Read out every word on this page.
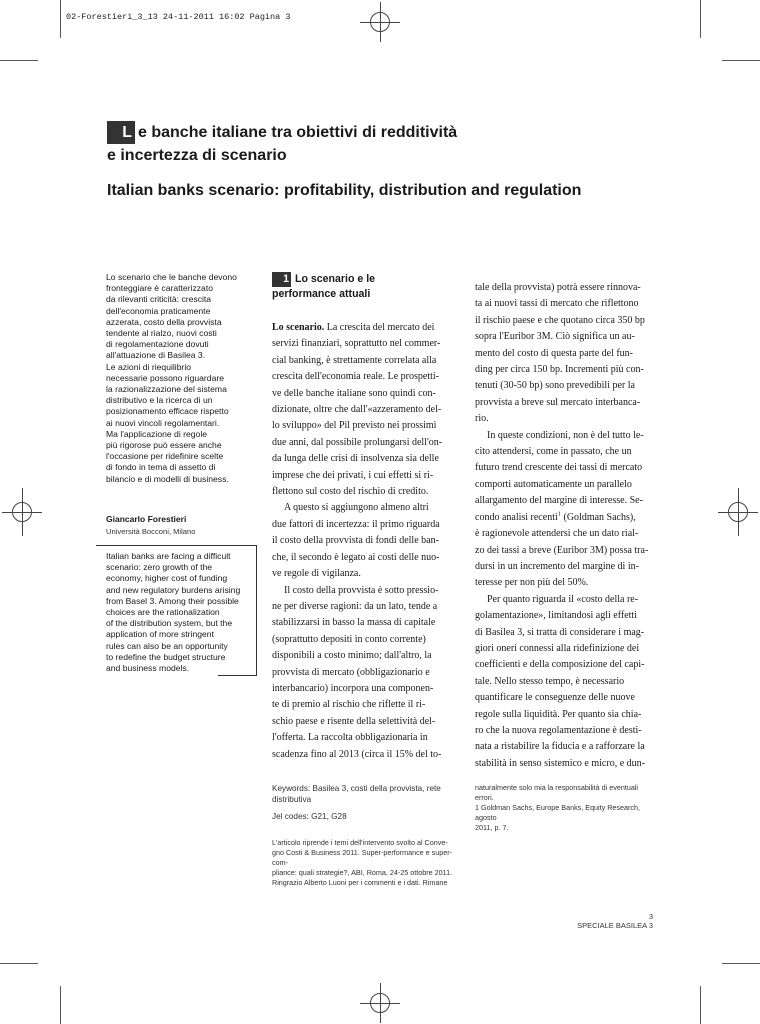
02-Forestieri_3_13 24-11-2011 16:02 Pagina 3
L e banche italiane tra obiettivi di redditività
e incertezza di scenario
Italian banks scenario: profitability, distribution and regulation
Lo scenario che le banche devono
fronteggiare è caratterizzato
da rilevanti criticità: crescita
dell'economia praticamente
azzerata, costo della provvista
tendente al rialzo, nuovi costi
di regolamentazione dovuti
all'attuazione di Basilea 3.
Le azioni di riequilibrio
necessarie possono riguardare
la razionalizzazione del sistema
distributivo e la ricerca di un
posizionamento efficace rispetto
ai nuovi vincoli regolamentari.
Ma l'applicazione di regole
più rigorose può essere anche
l'occasione per ridefinire scelte
di fondo in tema di assetto di
bilancio e di modelli di business.
Giancarlo Forestieri
Università Bocconi, Milano
Italian banks are facing a difficult
scenario: zero growth of the
economy, higher cost of funding
and new regulatory burdens arising
from Basel 3. Among their possible
choices are the rationalization
of the distribution system, but the
application of more stringent
rules can also be an opportunity
to redefine the budget structure
and business models.
1 Lo scenario e le
performance attuali

Lo scenario. La crescita del mercato dei
servizi finanziari, soprattutto nel commer-
cial banking, è strettamente correlata alla
crescita dell'economia reale. Le prospetti-
ve delle banche italiane sono quindi con-
dizionate, oltre che dall'«azzeramento del-
lo sviluppo» del Pil previsto nei prossimi
due anni, dal possibile prolungarsi dell'on-
da lunga delle crisi di insolvenza sia delle
imprese che dei privati, i cui effetti si ri-
flettono sul costo del rischio di credito.

A questo si aggiungono almeno altri
due fattori di incertezza: il primo riguarda
il costo della provvista di fondi delle ban-
che, il secondo è legato ai costi delle nuo-
ve regole di vigilanza.

Il costo della provvista è sotto pressio-
ne per diverse ragioni: da un lato, tende a
stabilizzarsi in basso la massa di capitale
(soprattutto depositi in conto corrente)
disponibili a costo minimo; dall'altro, la
provvista di mercato (obbligazionario e
interbancario) incorpora una componen-
te di premio al rischio che riflette il ri-
schio paese e risente della selettività del-
l'offerta. La raccolta obbligazionaria in
scadenza fino al 2013 (circa il 15% del to-

tale della provvista) potrà essere rinnova-
ta ai nuovi tassi di mercato che riflettono
il rischio paese e che quotano circa 350 bp
sopra l'Euribor 3M. Ciò significa un au-
mento del costo di questa parte del fun-
ding per circa 150 bp. Incrementi più con-
tenuti (30-50 bp) sono prevedibili per la
provvista a breve sul mercato interbanca-
rio.

In queste condizioni, non è del tutto le-
cito attendersi, come in passato, che un
futuro trend crescente dei tassi di mercato
comporti automaticamente un parallelo
allargamento del margine di interesse. Se-
condo analisi recenti$^1$ (Goldman Sachs),
è ragionevole attendersi che un dato rial-
zo dei tassi a breve (Euribor 3M) possa tra-
dursi in un incremento del margine di in-
teresse per non più del 50%.

Per quanto riguarda il «costo della re-
golamentazione», limitandosi agli effetti
di Basilea 3, si tratta di considerare i mag-
giori oneri connessi alla ridefinizione dei
coefficienti e della composizione del capi-
tale. Nello stesso tempo, è necessario
quantificare le conseguenze delle nuove
regole sulla liquidità. Per quanto sia chia-
ro che la nuova regolamentazione è desti-
nata a ristabilire la fiducia e a rafforzare la
stabilità in senso sistemico e micro, e dun-

Keywords: Basilea 3, costi della provvista, rete distributiva
Jel codes: G21, G28
L'articolo riprende i temi dell'intervento svolto al Conve-
gno Costi & Business 2011. Super-performance e super-com-
pliance: quali strategie?, ABI, Roma, 24-25 ottobre 2011.
Ringrazio Alberto Luoni per i commenti e i dati. Rimane
naturalmente solo mia la responsabilità di eventuali errori.
1 Goldman Sachs, Europe Banks, Equity Research, agosto
2011, p. 7.
3
SPECIALE BASILEA 3
